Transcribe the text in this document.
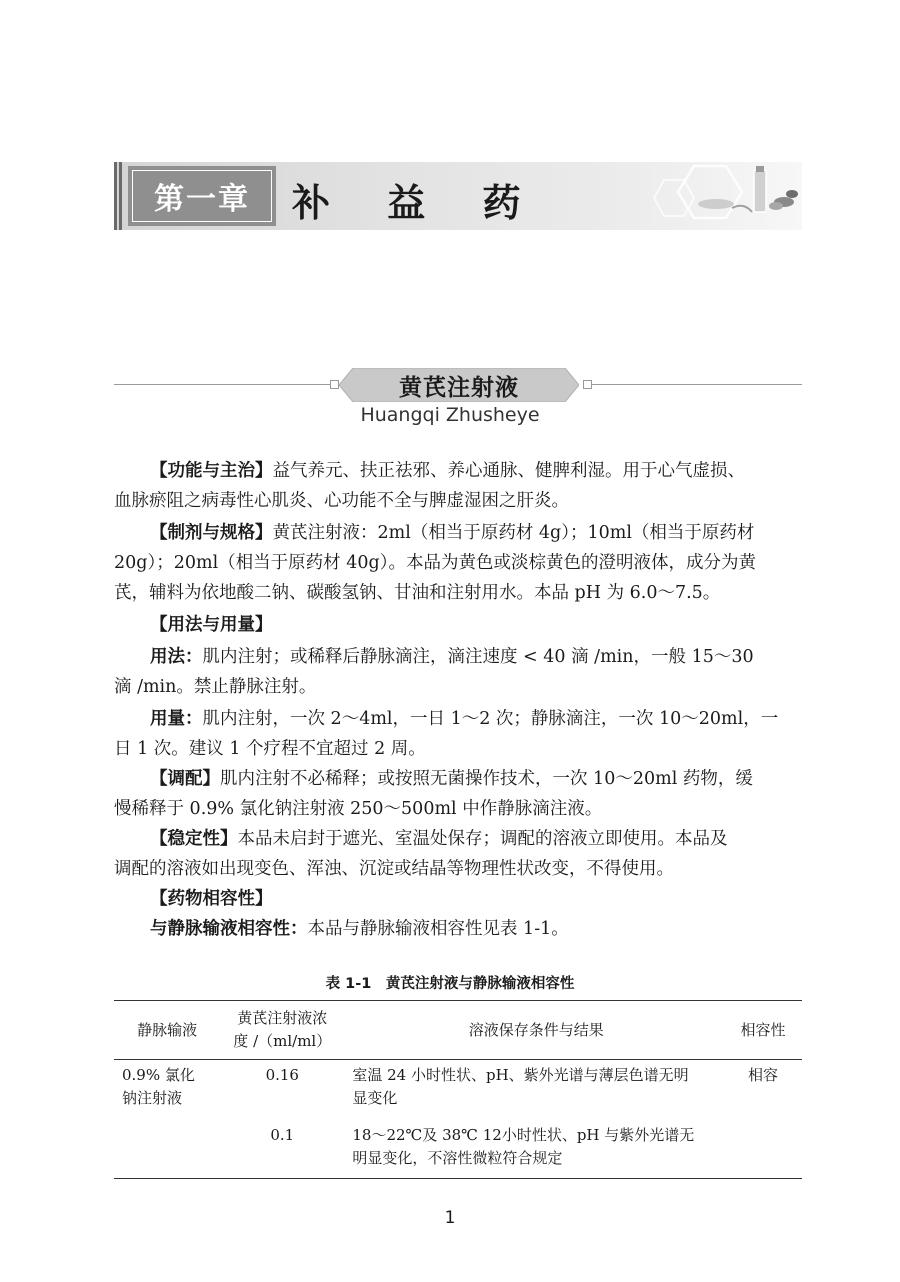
第一章 补 益 药
黄芪注射液
Huangqi Zhusheye
【功能与主治】益气养元、扶正祛邪、养心通脉、健脾利湿。用于心气虚损、
血脉瘀阻之病毒性心肌炎、心功能不全与脾虚湿困之肝炎。
【制剂与规格】黄芪注射液：2ml（相当于原药材 4g）；10ml（相当于原药材
20g）；20ml（相当于原药材 40g）。本品为黄色或淡棕黄色的澄明液体，成分为黄
芪，辅料为依地酸二钠、碳酸氢钠、甘油和注射用水。本品 pH 为 6.0～7.5。
【用法与用量】
用法：肌内注射；或稀释后静脉滴注，滴注速度 < 40 滴 /min，一般 15～30
滴 /min。禁止静脉注射。
用量：肌内注射，一次 2～4ml，一日 1～2 次；静脉滴注，一次 10～20ml，一
日 1 次。建议 1 个疗程不宜超过 2 周。
【调配】肌内注射不必稀释；或按照无菌操作技术，一次 10～20ml 药物，缓
慢稀释于 0.9% 氯化钠注射液 250～500ml 中作静脉滴注液。
【稳定性】本品未启封于遮光、室温处保存；调配的溶液立即使用。本品及
调配的溶液如出现变色、浑浊、沉淀或结晶等物理性状改变，不得使用。
【药物相容性】
与静脉输液相容性：本品与静脉输液相容性见表 1-1。
表 1-1　黄芪注射液与静脉输液相容性
静脉输液	黄芪注射液浓
度 /（ml/ml）	溶液保存条件与结果	相容性
0.9% 氯化
钠注射液	0.16	室温 24 小时性状、pH、紫外光谱与薄层色谱无明
显变化	相容
	0.1	18～22℃及 38℃ 12小时性状、pH 与紫外光谱无
明显变化，不溶性微粒符合规定	
1
